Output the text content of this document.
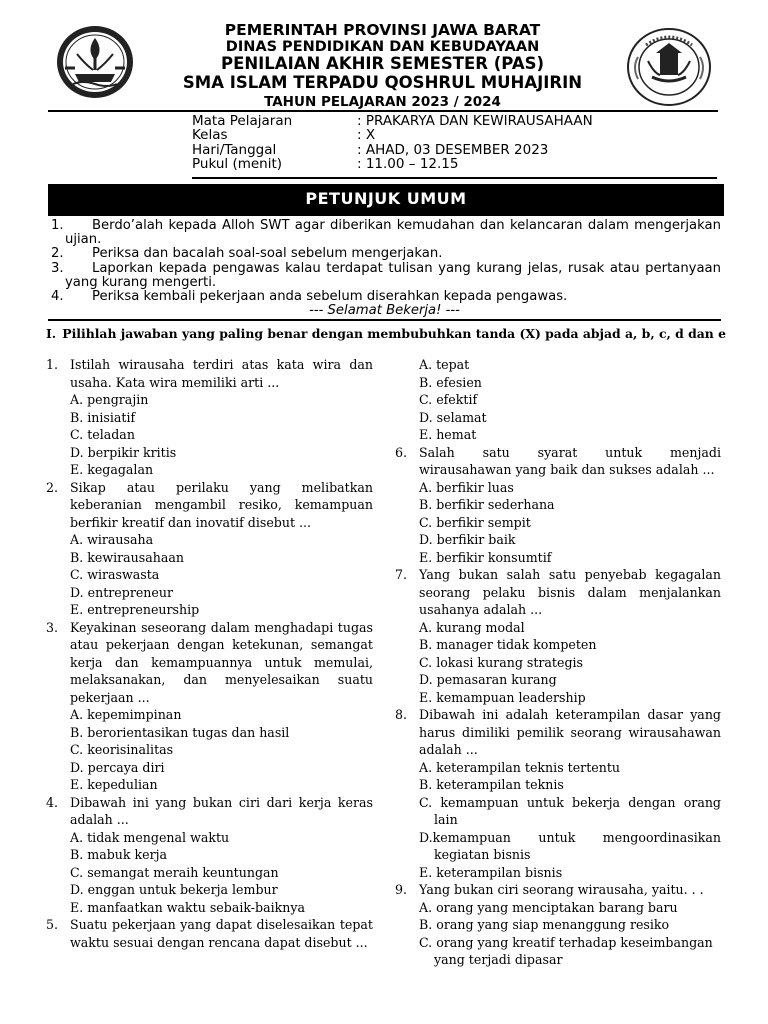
PEMERINTAH PROVINSI JAWA BARAT
DINAS PENDIDIKAN DAN KEBUDAYAAN
PENILAIAN AKHIR SEMESTER (PAS)
SMA ISLAM TERPADU QOSHRUL MUHAJIRIN
TAHUN PELAJARAN 2023 / 2024
Mata Pelajaran	: PRAKARYA DAN KEWIRAUSAHAAN
Kelas	: X
Hari/Tanggal	: AHAD, 03 DESEMBER 2023
Pukul (menit)	: 11.00 – 12.15
PETUNJUK UMUM
1.	Berdo’alah kepada Alloh SWT agar diberikan kemudahan dan kelancaran dalam mengerjakan ujian.
2.	Periksa dan bacalah soal-soal sebelum mengerjakan.
3.	Laporkan kepada pengawas kalau terdapat tulisan yang kurang jelas, rusak atau pertanyaan yang kurang mengerti.
4.	Periksa kembali pekerjaan anda sebelum diserahkan kepada pengawas.
--- Selamat Bekerja! ---
I. Pilihlah jawaban yang paling benar dengan membubuhkan tanda (X) pada abjad a, b, c, d dan e
1. Istilah wirausaha terdiri atas kata wira dan usaha. Kata wira memiliki arti ...
A. pengrajin
B. inisiatif
C. teladan
D. berpikir kritis
E. kegagalan
2. Sikap atau perilaku yang melibatkan keberanian mengambil resiko, kemampuan berfikir kreatif dan inovatif disebut ...
A. wirausaha
B. kewirausahaan
C. wiraswasta
D. entrepreneur
E. entrepreneurship
3. Keyakinan seseorang dalam menghadapi tugas atau pekerjaan dengan ketekunan, semangat kerja dan kemampuannya untuk memulai, melaksanakan, dan menyelesaikan suatu pekerjaan ...
A. kepemimpinan
B. berorientasikan tugas dan hasil
C. keorisinalitas
D. percaya diri
E. kepedulian
4. Dibawah ini yang bukan ciri dari kerja keras adalah ...
A. tidak mengenal waktu
B. mabuk kerja
C. semangat meraih keuntungan
D. enggan untuk bekerja lembur
E. manfaatkan waktu sebaik-baiknya
5. Suatu pekerjaan yang dapat diselesaikan tepat waktu sesuai dengan rencana dapat disebut ...
A. tepat
B. efesien
C. efektif
D. selamat
E. hemat
6. Salah satu syarat untuk menjadi wirausahawan yang baik dan sukses adalah ...
A. berfikir luas
B. berfikir sederhana
C. berfikir sempit
D. berfikir baik
E. berfikir konsumtif
7. Yang bukan salah satu penyebab kegagalan seorang pelaku bisnis dalam menjalankan usahanya adalah ...
A. kurang modal
B. manager tidak kompeten
C. lokasi kurang strategis
D. pemasaran kurang
E. kemampuan leadership
8. Dibawah ini adalah keterampilan dasar yang harus dimiliki pemilik seorang wirausahawan adalah ...
A. keterampilan teknis tertentu
B. keterampilan teknis
C. kemampuan untuk bekerja dengan orang lain
D.kemampuan untuk mengoordinasikan kegiatan bisnis
E. keterampilan bisnis
9. Yang bukan ciri seorang wirausaha, yaitu. . .
A. orang yang menciptakan barang baru
B. orang yang siap menanggung resiko
C. orang yang kreatif terhadap keseimbangan yang terjadi dipasar
